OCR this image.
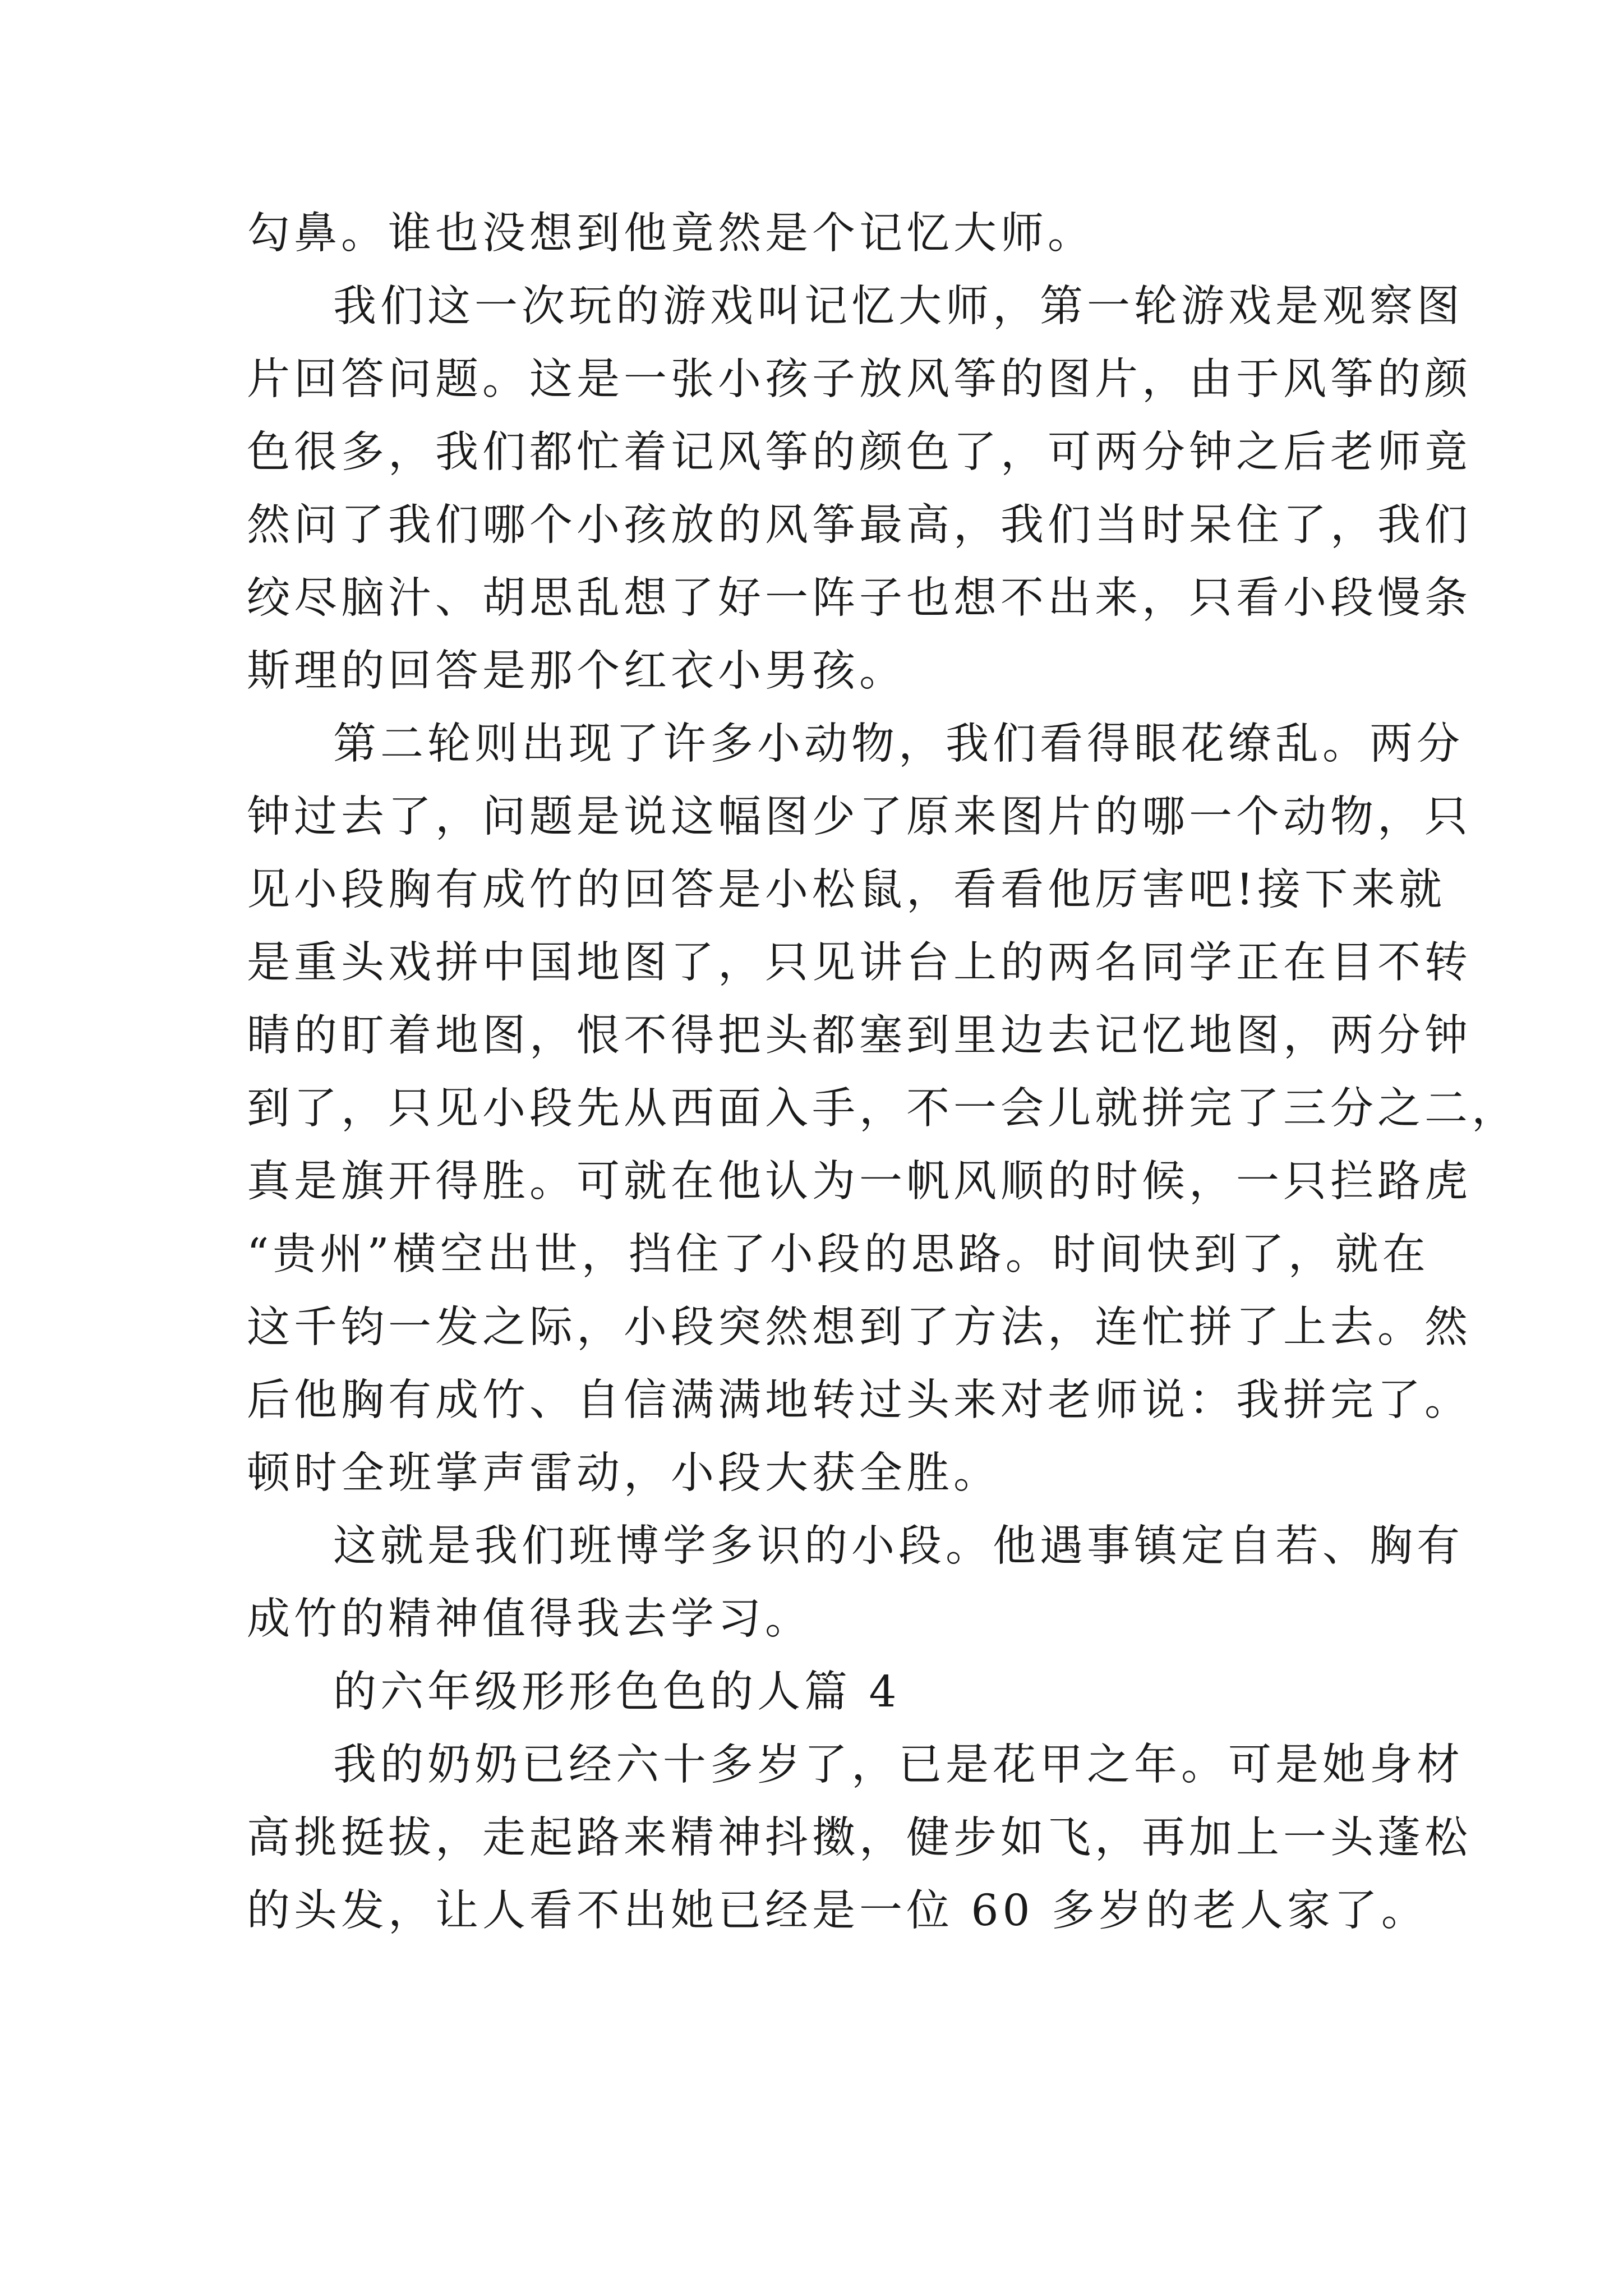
勾鼻。谁也没想到他竟然是个记忆大师。
我们这一次玩的游戏叫记忆大师，第一轮游戏是观察图
片回答问题。这是一张小孩子放风筝的图片，由于风筝的颜
色很多，我们都忙着记风筝的颜色了，可两分钟之后老师竟
然问了我们哪个小孩放的风筝最高，我们当时呆住了，我们
绞尽脑汁、胡思乱想了好一阵子也想不出来，只看小段慢条
斯理的回答是那个红衣小男孩。
第二轮则出现了许多小动物，我们看得眼花缭乱。两分
钟过去了，问题是说这幅图少了原来图片的哪一个动物，只
见小段胸有成竹的回答是小松鼠，看看他厉害吧!接下来就
是重头戏拼中国地图了，只见讲台上的两名同学正在目不转
睛的盯着地图，恨不得把头都塞到里边去记忆地图，两分钟
到了，只见小段先从西面入手，不一会儿就拼完了三分之二，
真是旗开得胜。可就在他认为一帆风顺的时候，一只拦路虎
“贵州”横空出世，挡住了小段的思路。时间快到了，就在
这千钧一发之际，小段突然想到了方法，连忙拼了上去。然
后他胸有成竹、自信满满地转过头来对老师说：我拼完了。
顿时全班掌声雷动，小段大获全胜。
这就是我们班博学多识的小段。他遇事镇定自若、胸有
成竹的精神值得我去学习。
的六年级形形色色的人篇 4
我的奶奶已经六十多岁了，已是花甲之年。可是她身材
高挑挺拔，走起路来精神抖擞，健步如飞，再加上一头蓬松
的头发，让人看不出她已经是一位 60 多岁的老人家了。
